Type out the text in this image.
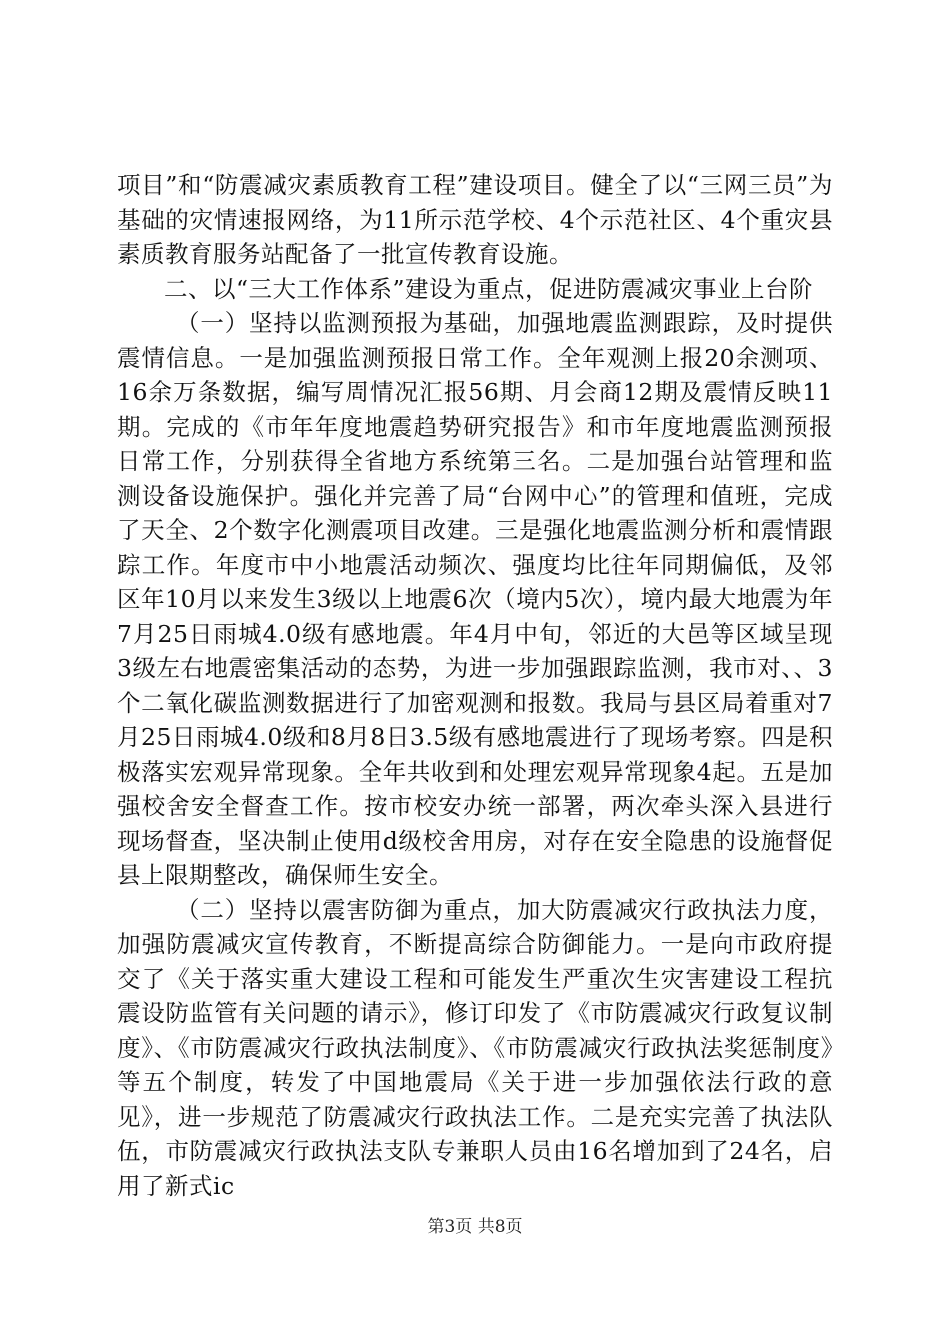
项目”和“防震减灾素质教育工程”建设项目。健全了以“三网三员”为基础的灾情速报网络，为11所示范学校、4个示范社区、4个重灾县素质教育服务站配备了一批宣传教育设施。

二、以“三大工作体系”建设为重点，促进防震减灾事业上台阶

（一）坚持以监测预报为基础，加强地震监测跟踪，及时提供震情信息。一是加强监测预报日常工作。全年观测上报20余测项、16余万条数据，编写周情况汇报56期、月会商12期及震情反映11期。完成的《市年年度地震趋势研究报告》和市年度地震监测预报日常工作，分别获得全省地方系统第三名。二是加强台站管理和监测设备设施保护。强化并完善了局“台网中心”的管理和值班，完成了天全、2个数字化测震项目改建。三是强化地震监测分析和震情跟踪工作。年度市中小地震活动频次、强度均比往年同期偏低，及邻区年10月以来发生3级以上地震6次（境内5次），境内最大地震为年7月25日雨城4.0级有感地震。年4月中旬，邻近的大邑等区域呈现3级左右地震密集活动的态势，为进一步加强跟踪监测，我市对、、3个二氧化碳监测数据进行了加密观测和报数。我局与县区局着重对7月25日雨城4.0级和8月8日3.5级有感地震进行了现场考察。四是积极落实宏观异常现象。全年共收到和处理宏观异常现象4起。五是加强校舍安全督查工作。按市校安办统一部署，两次牵头深入县进行现场督查，坚决制止使用d级校舍用房，对存在安全隐患的设施督促县上限期整改，确保师生安全。

（二）坚持以震害防御为重点，加大防震减灾行政执法力度，加强防震减灾宣传教育，不断提高综合防御能力。一是向市政府提交了《关于落实重大建设工程和可能发生严重次生灾害建设工程抗震设防监管有关问题的请示》，修订印发了《市防震减灾行政复议制度》、《市防震减灾行政执法制度》、《市防震减灾行政执法奖惩制度》等五个制度，转发了中国地震局《关于进一步加强依法行政的意见》，进一步规范了防震减灾行政执法工作。二是充实完善了执法队伍，市防震减灾行政执法支队专兼职人员由16名增加到了24名，启用了新式ic

第3页 共8页
